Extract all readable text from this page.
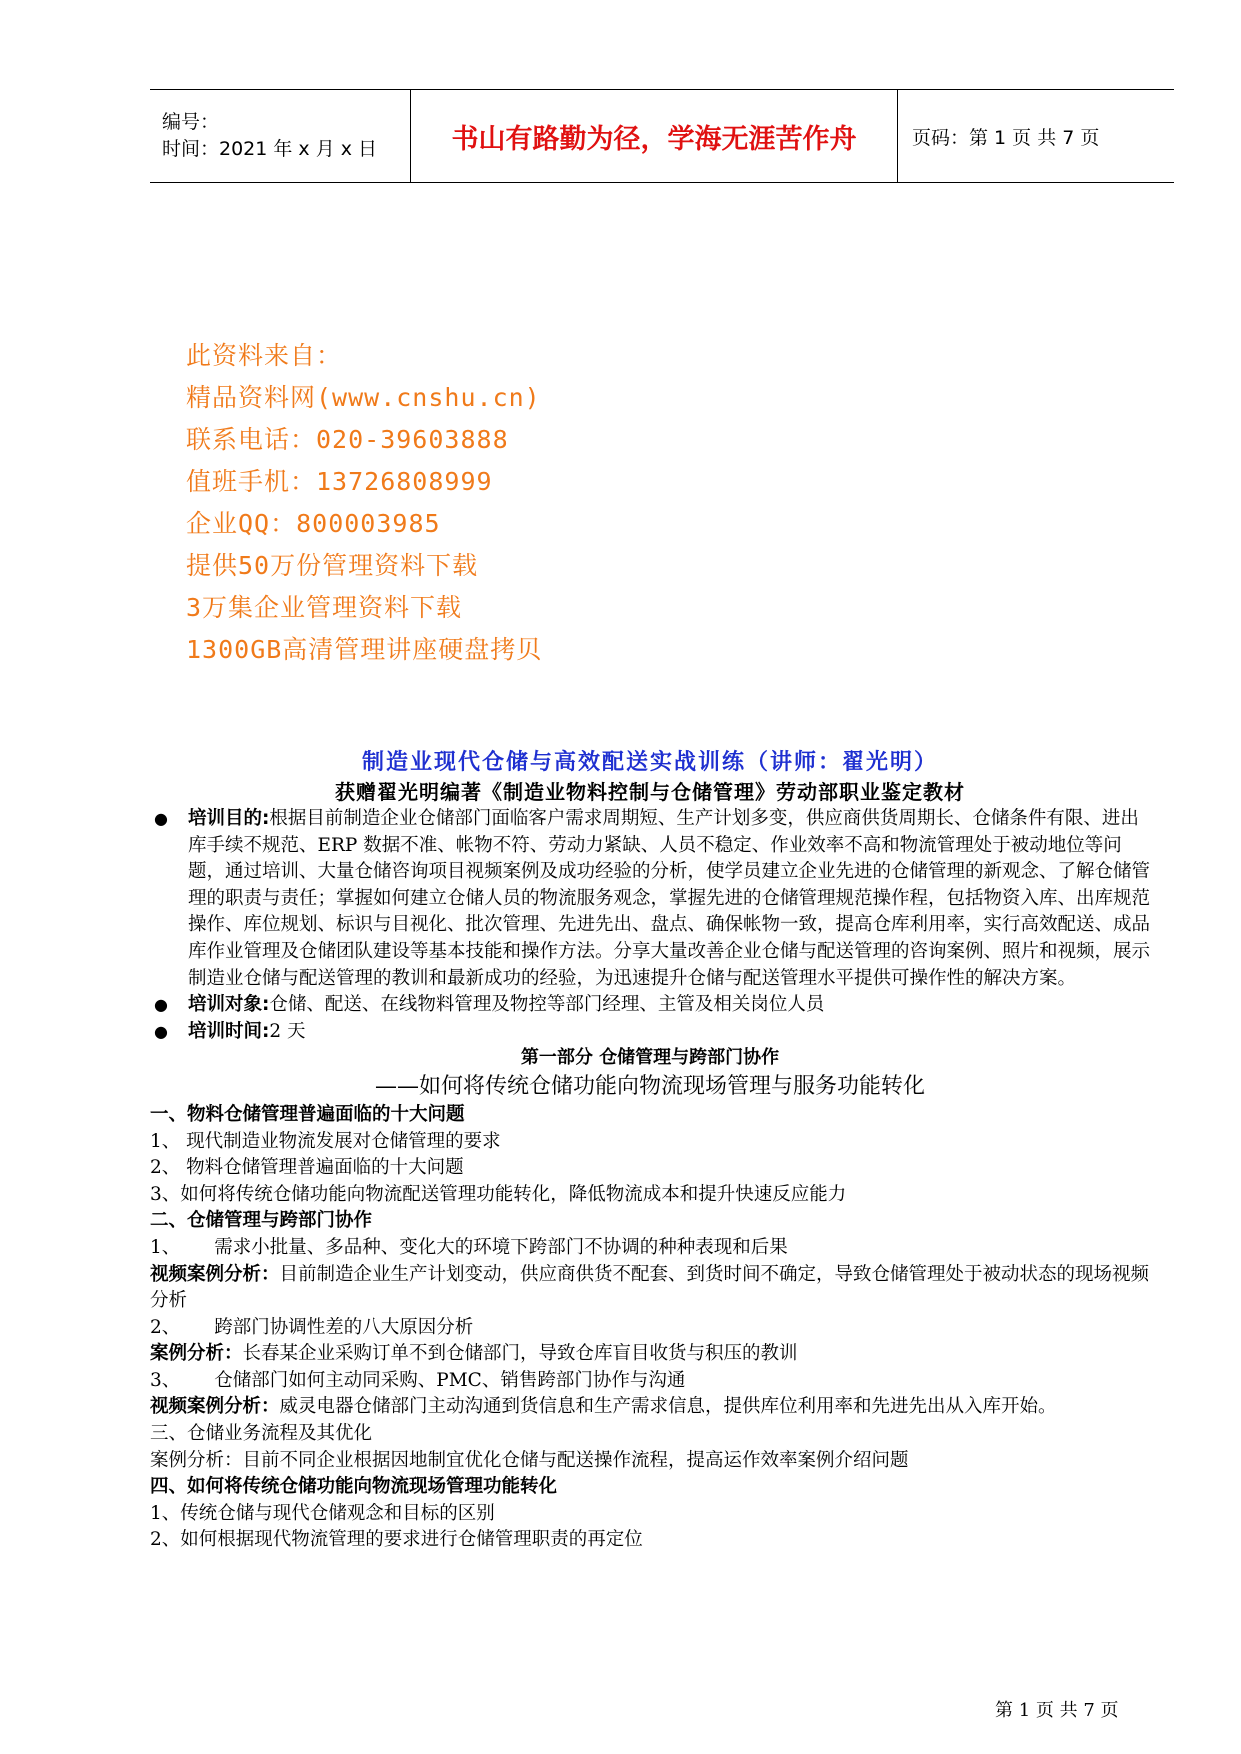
编号：
时间：2021 年 x 月 x 日	书山有路勤为径，学海无涯苦作舟	页码：第 1 页 共 7 页
此资料来自：
精品资料网(www.cnshu.cn)
联系电话：020-39603888
值班手机：13726808999
企业QQ：800003985
提供50万份管理资料下载
3万集企业管理资料下载
1300GB高清管理讲座硬盘拷贝
制造业现代仓储与高效配送实战训练（讲师：翟光明）
获赠翟光明编著《制造业物料控制与仓储管理》劳动部职业鉴定教材
● 培训目的:根据目前制造企业仓储部门面临客户需求周期短、生产计划多变，供应商供货周期长、仓储条件有限、进出库手续不规范、ERP 数据不准、帐物不符、劳动力紧缺、人员不稳定、作业效率不高和物流管理处于被动地位等问题，通过培训、大量仓储咨询项目视频案例及成功经验的分析，使学员建立企业先进的仓储管理的新观念、了解仓储管理的职责与责任；掌握如何建立仓储人员的物流服务观念，掌握先进的仓储管理规范操作程，包括物资入库、出库规范操作、库位规划、标识与目视化、批次管理、先进先出、盘点、确保帐物一致，提高仓库利用率，实行高效配送、成品库作业管理及仓储团队建设等基本技能和操作方法。分享大量改善企业仓储与配送管理的咨询案例、照片和视频，展示制造业仓储与配送管理的教训和最新成功的经验，为迅速提升仓储与配送管理水平提供可操作性的解决方案。
● 培训对象:仓储、配送、在线物料管理及物控等部门经理、主管及相关岗位人员
● 培训时间:2 天
第一部分 仓储管理与跨部门协作
——如何将传统仓储功能向物流现场管理与服务功能转化
一、物料仓储管理普遍面临的十大问题
1、 现代制造业物流发展对仓储管理的要求
2、 物料仓储管理普遍面临的十大问题
3、如何将传统仓储功能向物流配送管理功能转化，降低物流成本和提升快速反应能力
二、仓储管理与跨部门协作
1、 需求小批量、多品种、变化大的环境下跨部门不协调的种种表现和后果
视频案例分析：目前制造企业生产计划变动，供应商供货不配套、到货时间不确定，导致仓储管理处于被动状态的现场视频分析
2、 跨部门协调性差的八大原因分析
案例分析：长春某企业采购订单不到仓储部门，导致仓库盲目收货与积压的教训
3、 仓储部门如何主动同采购、PMC、销售跨部门协作与沟通
视频案例分析：威灵电器仓储部门主动沟通到货信息和生产需求信息，提供库位利用率和先进先出从入库开始。
三、仓储业务流程及其优化
案例分析：目前不同企业根据因地制宜优化仓储与配送操作流程，提高运作效率案例介绍问题
四、如何将传统仓储功能向物流现场管理功能转化
1、传统仓储与现代仓储观念和目标的区别
2、如何根据现代物流管理的要求进行仓储管理职责的再定位
第 1 页 共 7 页
